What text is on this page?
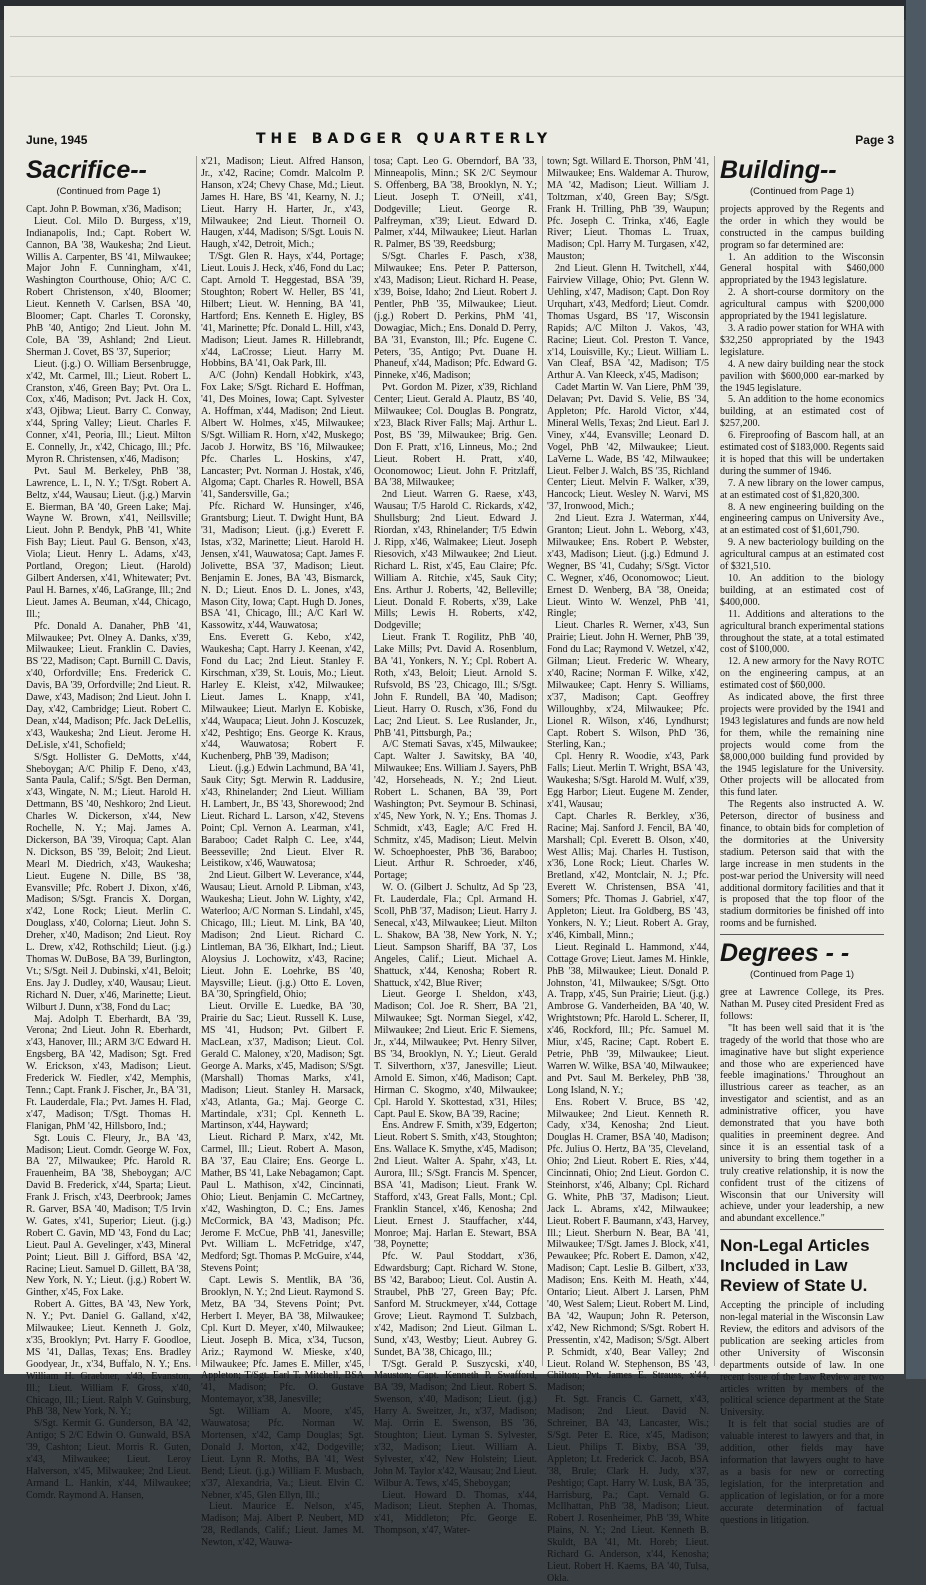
June, 1945	THE BADGER QUARTERLY	Page 3
Sacrifice--
(Continued from Page 1)

Capt. John P. Bowman, x'36, Madison;

Lieut. Col. Milo D. Burgess, x'19, Indianapolis, Ind.; Capt. Robert W. Cannon, BA '38, Waukesha; 2nd Lieut. Willis A. Carpenter, BS '41, Milwaukee; Major John F. Cunningham, x'41, Washington Courthouse, Ohio; A/C C. Robert Christenson, x'40, Bloomer; Lieut. Kenneth V. Carlsen, BSA '40, Bloomer; Capt. Charles T. Coronsky, PhB '40, Antigo; 2nd Lieut. John M. Cole, BA '39, Ashland; 2nd Lieut. Sherman J. Covet, BS '37, Superior;

Lieut. (j.g.) O. William Bersenbrugge, x'42, Mt. Carmel, Ill.; Lieut. Robert L. Cranston, x'46, Green Bay; Pvt. Ora L. Cox, x'46, Madison; Pvt. Jack H. Cox, x'43, Ojibwa; Lieut. Barry C. Conway, x'44, Spring Valley; Lieut. Charles F. Conner, x'41, Peoria, Ill.; Lieut. Milton E. Connelly, Jr., x'42, Chicago, Ill.; Pfc. Myron R. Christensen, x'46, Madison;

Pvt. Saul M. Berkeley, PhB '38, Lawrence, L. I., N. Y.; T/Sgt. Robert A. Beltz, x'44, Wausau; Lieut. (j.g.) Marvin E. Bierman, BA '40, Green Lake; Maj. Wayne W. Brown, x'41, Neillsville; Lieut. John P. Bendyk, PhB '41, White Fish Bay; Lieut. Paul G. Benson, x'43, Viola; Lieut. Henry L. Adams, x'43, Portland, Oregon; Lieut. (Harold) Gilbert Andersen, x'41, Whitewater; Pvt. Paul H. Barnes, x'46, LaGrange, Ill.; 2nd Lieut. James A. Beuman, x'44, Chicago, Ill.;

Pfc. Donald A. Danaher, PhB '41, Milwaukee; Pvt. Olney A. Danks, x'39, Milwaukee; Lieut. Franklin C. Davies, BS '22, Madison; Capt. Burnill C. Davis, x'40, Orfordville; Ens. Frederick C. Davis, BA '39, Orfordville; 2nd Lieut. R. Dawe, x'43, Madison; 2nd Lieut. John I. Day, x'42, Cambridge; Lieut. Robert C. Dean, x'44, Madison; Pfc. Jack DeLellis, x'43, Waukesha; 2nd Lieut. Jerome H. DeLisle, x'41, Schofield;

S/Sgt. Hollister G. DeMotts, x'44, Sheboygan; A/C Philip F. Deno, x'43, Santa Paula, Calif.; S/Sgt. Ben Derman, x'43, Wingate, N. M.; Lieut. Harold H. Dettmann, BS '40, Neshkoro; 2nd Lieut. Charles W. Dickerson, x'44, New Rochelle, N. Y.; Maj. James A. Dickerson, BA '39, Viroqua; Capt. Alan N. Dickson, BS '39, Beloit; 2nd Lieut. Mearl M. Diedrich, x'43, Waukesha; Lieut. Eugene N. Dille, BS '38, Evansville; Pfc. Robert J. Dixon, x'46, Madison; S/Sgt. Francis X. Dorgan, x'42, Lone Rock; Lieut. Merlin C. Douglass, x'40, Colorna; Lieut. John S. Dreher, x'40, Madison; 2nd Lieut. Roy L. Drew, x'42, Rothschild; Lieut. (j.g.) Thomas W. DuBose, BA '39, Burlington, Vt.; S/Sgt. Neil J. Dubinski, x'41, Beloit; Ens. Jay J. Dudley, x'40, Wausau; Lieut. Richard N. Duer, x'46, Marinette; Lieut. Wilburt J. Dunn, x'38, Fond du Lac;

Maj. Adolph T. Eberhardt, BA '39, Verona; 2nd Lieut. John R. Eberhardt, x'43, Hanover, Ill.; ARM 3/C Edward H. Engsberg, BA '42, Madison; Sgt. Fred W. Erickson, x'43, Madison; Lieut. Frederick W. Fiedler, x'42, Memphis, Tenn.; Capt. Frank J. Fischer, Jr., BA '31, Ft. Lauderdale, Fla.; Pvt. James H. Flad, x'47, Madison; T/Sgt. Thomas H. Flanigan, PhM '42, Hillsboro, Ind.;

Sgt. Louis C. Fleury, Jr., BA '43, Madison; Lieut. Comdr. George W. Fox, BA '27, Milwaukee; Pfc. Harold R. Frauenheim, BA '38, Sheboygan; A/C David B. Frederick, x'44, Sparta; Lieut. Frank J. Frisch, x'43, Deerbrook; James R. Garver, BSA '40, Madison; T/5 Irvin W. Gates, x'41, Superior; Lieut. (j.g.) Robert C. Gavin, MD '43, Fond du Lac; Lieut. Paul A. Gevelinger, x'43, Mineral Point; Lieut. Bill J. Gifford, BSA '42, Racine; Lieut. Samuel D. Gillett, BA '38, New York, N. Y.; Lieut. (j.g.) Robert W. Ginther, x'45, Fox Lake.

Robert A. Gittes, BA '43, New York, N. Y.; Pvt. Daniel G. Galland, x'42, Milwaukee; Lieut. Kenneth J. Golz, x'35, Brooklyn; Pvt. Harry F. Goodloe, MS '41, Dallas, Texas; Ens. Bradley Goodyear, Jr., x'34, Buffalo, N. Y.; Ens. William H. Graebner, x'43, Evanston, Ill.; Lieut. William F. Gross, x'40, Chicago, Ill.; Lieut. Ralph V. Guinsburg, PhB '38, New York, N. Y.;

S/Sgt. Kermit G. Gunderson, BA '42, Antigo; S 2/C Edwin O. Gunwald, BSA '39, Cashton; Lieut. Morris R. Guten, x'43, Milwaukee; Lieut. Leroy Halverson, x'45, Milwaukee; 2nd Lieut. Armand L. Hankin, x'44, Milwaukee; Comdr. Raymond A. Hansen,

x'21, Madison; Lieut. Alfred Hanson, Jr., x'42, Racine; Comdr. Malcolm P. Hanson, x'24; Chevy Chase, Md.; Lieut. James H. Hare, BS '41, Kearny, N. J.; Lieut. Harry H. Harter, Jr., x'43, Milwaukee; 2nd Lieut. Thorneil O. Haugen, x'44, Madison; S/Sgt. Louis N. Haugh, x'42, Detroit, Mich.;

T/Sgt. Glen R. Hays, x'44, Portage; Lieut. Louis J. Heck, x'46, Fond du Lac; Capt. Arnold T. Heggestad, BSA '39, Stoughton; Robert W. Heller, BS '41, Hilbert; Lieut. W. Henning, BA '41, Hartford; Ens. Kenneth E. Higley, BS '41, Marinette; Pfc. Donald L. Hill, x'43, Madison; Lieut. James R. Hillebrandt, x'44, LaCrosse; Lieut. Harry M. Hobbins, BA '41, Oak Park, Ill.

A/C (John) Kendall Hobkirk, x'43, Fox Lake; S/Sgt. Richard E. Hoffman, '41, Des Moines, Iowa; Capt. Sylvester A. Hoffman, x'44, Madison; 2nd Lieut. Albert W. Holmes, x'45, Milwaukee; S/Sgt. William R. Horn, x'42, Muskego; Jacob J. Horwitz, BS '16, Milwaukee; Pfc. Charles L. Hoskins, x'47, Lancaster; Pvt. Norman J. Hostak, x'46, Algoma; Capt. Charles R. Howell, BSA '41, Sandersville, Ga.;

Pfc. Richard W. Hunsinger, x'46, Grantsburg; Lieut. T. Dwight Hunt, BA '31, Madison; Lieut. (j.g.) Everett F. Istas, x'32, Marinette; Lieut. Harold H. Jensen, x'41, Wauwatosa; Capt. James F. Jolivette, BSA '37, Madison; Lieut. Benjamin E. Jones, BA '43, Bismarck, N. D.; Lieut. Enos D. L. Jones, x'43, Mason City, Iowa; Capt. Hugh D. Jones, BSA '41, Chicago, Ill.; A/C Karl W. Kassowitz, x'44, Wauwatosa;

Ens. Everett G. Kebo, x'42, Waukesha; Capt. Harry J. Keenan, x'42, Fond du Lac; 2nd Lieut. Stanley F. Kirschman, x'39, St. Louis, Mo.; Lieut. Harley E. Kleist, x'42, Milwaukee; Lieut. James L. Knapp, x'41, Milwaukee; Lieut. Marlyn E. Kobiske, x'44, Waupaca; Lieut. John J. Koscuzek, x'42, Peshtigo; Ens. George K. Kraus, x'44, Wauwatosa; Robert F. Kuchenberg, PhB '39, Madison;

Lieut. (j.g.) Edwin Lachmund, BA '41, Sauk City; Sgt. Merwin R. Laddusire, x'43, Rhinelander; 2nd Lieut. William H. Lambert, Jr., BS '43, Shorewood; 2nd Lieut. Richard L. Larson, x'42, Stevens Point; Cpl. Vernon A. Learman, x'41, Baraboo; Cadet Ralph C. Lee, x'44, Beesseville; 2nd Lieut. Elver R. Leistikow, x'46, Wauwatosa;

2nd Lieut. Gilbert W. Leverance, x'44, Wausau; Lieut. Arnold P. Libman, x'43, Waukesha; Lieut. John W. Lighty, x'42, Waterloo; A/C Norman S. Lindahl, x'45, Chicago, Ill.; Lieut. M. Link, BA '40, Madison; 2nd Lieut. Richard C. Lintleman, BA '36, Elkhart, Ind.; Lieut. Aloysius J. Lochowitz, x'43, Racine; Lieut. John E. Loehrke, BS '40, Maysville; Lieut. (j.g.) Otto E. Loven, BA '30, Springfield, Ohio;

Lieut. Orville E. Luedke, BA '30, Prairie du Sac; Lieut. Russell K. Luse, MS '41, Hudson; Pvt. Gilbert F. MacLean, x'37, Madison; Lieut. Col. Gerald C. Maloney, x'20, Madison; Sgt. George A. Marks, x'45, Madison; S/Sgt. (Marshall) Thomas Marks, x'41, Madison; Lieut. Stanley H. Marsack, x'43, Atlanta, Ga.; Maj. George C. Martindale, x'31; Cpl. Kenneth L. Martinson, x'44, Hayward;

Lieut. Richard P. Marx, x'42, Mt. Carmel, Ill.; Lieut. Robert A. Mason, BA '37, Eau Claire; Ens. George L. Mather, BS '41, Lake Nebagamon; Capt. Paul L. Mathison, x'42, Cincinnati, Ohio; Lieut. Benjamin C. McCartney, x'42, Washington, D. C.; Ens. James McCormick, BA '43, Madison; Pfc. Jerome F. McCue, PhB '41, Janesville; Pvt. William L. McFetridge, x'47, Medford; Sgt. Thomas P. McGuire, x'44, Stevens Point;

Capt. Lewis S. Mentlik, BA '36, Brooklyn, N. Y.; 2nd Lieut. Raymond S. Metz, BA '34, Stevens Point; Pvt. Herbert I. Meyer, BA '38, Milwaukee; Cpl. Kurt D. Meyer, x'40, Milwaukee; Lieut. Joseph B. Mica, x'34, Tucson, Ariz.; Raymond W. Mieske, x'40, Milwaukee; Pfc. James E. Miller, x'45, Appleton; T/Sgt. Earl T. Mitchell, BSA '41, Madison; Pfc. O. Gustave Montemayor, x'38, Janesville;

Sgt. William A. Moore, x'45, Wauwatosa; Pfc. Norman W. Mortensen, x'42, Camp Douglas; Sgt. Donald J. Morton, x'42, Dodgeville; Lieut. Lynn R. Moths, BA '41, West Bend; Lieut. (j.g.) William F. Musbach, x'37, Alexandria, Va.; Lieut. Elvin C. Nebner, x'45, Glen Ellyn, Ill.;

Lieut. Maurice E. Nelson, x'45, Madison; Maj. Albert P. Neubert, MD '28, Redlands, Calif.; Lieut. James M. Newton, x'42, Wauwa-

tosa; Capt. Leo G. Oberndorf, BA '33, Minneapolis, Minn.; SK 2/C Seymour S. Offenberg, BA '38, Brooklyn, N. Y.; Lieut. Joseph T. O'Neill, x'41, Dodgeville; Lieut. George R. Palfreyman, x'39; Lieut. Edward D. Palmer, x'44, Milwaukee; Lieut. Harlan R. Palmer, BS '39, Reedsburg;

S/Sgt. Charles F. Pasch, x'38, Milwaukee; Ens. Peter P. Patterson, x'43, Madison; Lieut. Richard H. Pease, x'39, Boise, Idaho; 2nd Lieut. Robert J. Pentler, PhB '35, Milwaukee; Lieut. (j.g.) Robert D. Perkins, PhM '41, Dowagiac, Mich.; Ens. Donald D. Perry, BA '31, Evanston, Ill.; Pfc. Eugene C. Peters, '35, Antigo; Pvt. Duane H. Phaneuf, x'44, Madison; Pfc. Edward G. Pinneke, x'46, Madison;

Pvt. Gordon M. Pizer, x'39, Richland Center; Lieut. Gerald A. Plautz, BS '40, Milwaukee; Col. Douglas B. Pongratz, x'23, Black River Falls; Maj. Arthur L. Post, BS '39, Milwaukee; Brig. Gen. Don F. Pratt, x'16, Linneus, Mo.; 2nd Lieut. Robert H. Pratt, x'40, Oconomowoc; Lieut. John F. Pritzlaff, BA '38, Milwaukee;

2nd Lieut. Warren G. Raese, x'43, Wausau; T/5 Harold C. Rickards, x'42, Shullsburg; 2nd Lieut. Edward J. Riordan, x'43, Rhinelander; T/5 Edwin J. Ripp, x'46, Walmakee; Lieut. Joseph Riesovich, x'43 Milwaukee; 2nd Lieut. Richard L. Rist, x'45, Eau Claire; Pfc. William A. Ritchie, x'45, Sauk City; Ens. Arthur J. Roberts, '42, Belleville; Lieut. Donald F. Roberts, x'39, Lake Mills; Lewis H. Roberts, x'42, Dodgeville;

Lieut. Frank T. Rogilitz, PhB '40, Lake Mills; Pvt. David A. Rosenblum, BA '41, Yonkers, N. Y.; Cpl. Robert A. Roth, x'43, Beloit; Lieut. Arnold S. Rufsvold, BS '23, Chicago, Ill.; S/Sgt. John F. Rundell, BA '40, Madison; Lieut. Harry O. Rusch, x'36, Fond du Lac; 2nd Lieut. S. Lee Ruslander, Jr., PhB '41, Pittsburgh, Pa.;

A/C Stemati Savas, x'45, Milwaukee; Capt. Walter J. Sawitsky, BA '40, Milwaukee; Ens. William J. Sayers, PhB '42, Horseheads, N. Y.; 2nd Lieut. Robert L. Schanen, BA '39, Port Washington; Pvt. Seymour B. Schinasi, x'45, New York, N. Y.; Ens. Thomas J. Schmidt, x'43, Eagle; A/C Fred H. Schmitz, x'45, Madison; Lieut. Melvin W. Schoephoester, PhB '36, Baraboo; Lieut. Arthur R. Schroeder, x'46, Portage;

W. O. (Gilbert J. Schultz, Ad Sp '23, Ft. Lauderdale, Fla.; Cpl. Armand H. Scoll, PhB '37, Madison; Lieut. Harry J. Senecal, x'43, Milwaukee; Lieut. Milton L. Shakow, BA '38, New York, N. Y.; Lieut. Sampson Shariff, BA '37, Los Angeles, Calif.; Lieut. Michael A. Shattuck, x'44, Kenosha; Robert R. Shattuck, x'42, Blue River;

Lieut. George I. Sheldon, x'43, Madison; Col. Joe R. Sherr, BA '21, Milwaukee; Sgt. Norman Siegel, x'42, Milwaukee; 2nd Lieut. Eric F. Siemens, Jr., x'44, Milwaukee; Pvt. Henry Silver, BS '34, Brooklyn, N. Y.; Lieut. Gerald T. Silverthorn, x'37, Janesville; Lieut. Arnold E. Simon, x'46, Madison; Capt. Hirman C. Skogmo, x'40, Milwaukee; Cpl. Harold Y. Skottestad, x'31, Hiles; Capt. Paul E. Skow, BA '39, Racine;

Ens. Andrew F. Smith, x'39, Edgerton; Lieut. Robert S. Smith, x'43, Stoughton; Ens. Wallace K. Smythe, x'45, Madison; 2nd Lieut. Walter A. Spahr, x'43, Lt. Aurora, Ill.; S/Sgt. Francis M. Spencer, BSA '41, Madison; Lieut. Frank W. Stafford, x'43, Great Falls, Mont.; Cpl. Franklin Stancel, x'46, Kenosha; 2nd Lieut. Ernest J. Stauffacher, x'44, Monroe; Maj. Harlan E. Stewart, BSA '38, Poynette;

Pfc. W. Paul Stoddart, x'36, Edwardsburg; Capt. Richard W. Stone, BS '42, Baraboo; Lieut. Col. Austin A. Straubel, PhB '27, Green Bay; Pfc. Sanford M. Struckmeyer, x'44, Cottage Grove; Lieut. Raymond T. Sulzbach, x'42, Madison; 2nd Lieut. Gilman L. Sund, x'43, Westby; Lieut. Aubrey G. Sundet, BA '38, Chicago, Ill.;

T/Sgt. Gerald P. Suszycski, x'40, Mauston; Capt. Kenneth P. Swafford, BA '39, Madison; 2nd Lieut. Robert S. Swenson, x'40, Madison; Lieut. (j.g.) Harry A. Sweitzer, Jr., x'37, Madison; Maj. Orrin E. Swenson, BS '36, Stoughton; Lieut. Lyman S. Sylvester, x'32, Madison; Lieut. William A. Sylvester, x'42, New Holstein; Lieut. John M. Taylor x'42, Wausau; 2nd Lieut. Wilbur A. Tews, x'45, Sheboygan;

Lieut. Howard D. Thomas, x'44, Madison; Lieut. Stephen A. Thomas, x'41, Middleton; Pfc. George E. Thompson, x'47, Water-

town; Sgt. Willard E. Thorson, PhM '41, Milwaukee; Ens. Waldemar A. Thurow, MA '42, Madison; Lieut. William J. Toltzman, x'40, Green Bay; S/Sgt. Frank H. Trilling, PhB '39, Waupun; Pfc. Joseph C. Trinka, x'46, Eagle River; Lieut. Thomas L. Truax, Madison; Cpl. Harry M. Turgasen, x'42, Mauston;

2nd Lieut. Glenn H. Twitchell, x'44, Fairview Village, Ohio; Pvt. Glenn W. Uehling, x'47, Madison; Capt. Don Roy Urquhart, x'43, Medford; Lieut. Comdr. Thomas Usgard, BS '17, Wisconsin Rapids; A/C Milton J. Vakos, '43, Racine; Lieut. Col. Preston T. Vance, x'14, Louisville, Ky.; Lieut. William L. Van Cleaf, BSA '42, Madison; T/5 Arthur A. Van Kleeck, x'45, Madison;

Cadet Martin W. Van Liere, PhM '39, Delavan; Pvt. David S. Velie, BS '34, Appleton; Pfc. Harold Victor, x'44, Mineral Wells, Texas; 2nd Lieut. Earl J. Viney, x'44, Evansville; Leonard D. Vogel, PhB '42, Milwaukee; Lieut. LaVerne L. Wade, BS '42, Milwaukee; Lieut. Felber J. Walch, BS '35, Richland Center; Lieut. Melvin F. Walker, x'39, Hancock; Lieut. Wesley N. Warvi, MS '37, Ironwood, Mich.;

2nd Lieut. Ezra J. Waterman, x'44, Granton; Lieut. John L. Weborg, x'43, Milwaukee; Ens. Robert P. Webster, x'43, Madison; Lieut. (j.g.) Edmund J. Wegner, BS '41, Cudahy; S/Sgt. Victor C. Wegner, x'46, Oconomowoc; Lieut. Ernest D. Wenberg, BA '38, Oneida; Lieut. Winto W. Wenzel, PhB '41, Ringle;

Lieut. Charles R. Werner, x'43, Sun Prairie; Lieut. John H. Werner, PhB '39, Fond du Lac; Raymond V. Wetzel, x'42, Gilman; Lieut. Frederic W. Wheary, x'40, Racine; Norman F. Wilke, x'42, Milwaukee; Capt. Henry S. Williams, x'37, Madison; Capt. Geoffrey Willoughby, x'24, Milwaukee; Pfc. Lionel R. Wilson, x'46, Lyndhurst; Capt. Robert S. Wilson, PhD '36, Sterling, Kan.;

Cpl. Henry R. Woodie, x'43, Park Falls; Lieut. Merlin T. Wright, BSA '43, Waukesha; S/Sgt. Harold M. Wulf, x'39, Egg Harbor; Lieut. Eugene M. Zender, x'41, Wausau;

Capt. Charles R. Berkley, x'36, Racine; Maj. Sanford J. Fencil, BA '40, Marshall; Cpl. Everett B. Olson, x'40, West Allis; Maj. Charles H. Tustison, x'36, Lone Rock; Lieut. Charles W. Bretland, x'42, Montclair, N. J.; Pfc. Everett W. Christensen, BSA '41, Somers; Pfc. Thomas J. Gabriel, x'47, Appleton; Lieut. Ira Goldberg, BS '43, Yonkers, N. Y.; Lieut. Robert A. Gray, x'46, Kimball, Minn.;

Lieut. Reginald L. Hammond, x'44, Cottage Grove; Lieut. James M. Hinkle, PhB '38, Milwaukee; Lieut. Donald P. Johnston, '41, Milwaukee; S/Sgt. Otto A. Trapp, x'45, Sun Prairie; Lieut. (j.g.) Ambrose G. Vanderheiden, BA '40, W. Wrightstown; Pfc. Harold L. Scherer, II, x'46, Rockford, Ill.; Pfc. Samuel M. Miur, x'45, Racine; Capt. Robert E. Petrie, PhB '39, Milwaukee; Lieut. Warren W. Wilke, BSA '40, Milwaukee; and Pvt. Saul M. Berkeley, PhB '38, Long Island, N. Y.;

Ens. Robert V. Bruce, BS '42, Milwaukee; 2nd Lieut. Kenneth R. Cady, x'34, Kenosha; 2nd Lieut. Douglas H. Cramer, BSA '40, Madison; Pfc. Julius O. Hertz, BA '35, Cleveland, Ohio; 2nd Lieut. Robert E. Ries, x'44, Cincinnati, Ohio; 2nd Lieut. Gordon C. Steinhorst, x'46, Albany; Cpl. Richard G. White, PhB '37, Madison; Lieut. Jack L. Abrams, x'42, Milwaukee; Lieut. Robert F. Baumann, x'43, Harvey, Ill.; Lieut. Sherburn N. Bear, BA '41, Milwaukee; T/Sgt. James J. Block, x'41, Pewaukee; Pfc. Robert E. Damon, x'42, Madison; Capt. Leslie B. Gilbert, x'33, Madison; Ens. Keith M. Heath, x'44, Ontario; Lieut. Albert J. Larsen, PhM '40, West Salem; Lieut. Robert M. Lind, BA '42, Waupun; John R. Peterson, x'42, New Richmond; S/Sgt. Robert H. Pressentin, x'42, Madison; S/Sgt. Albert P. Schmidt, x'40, Bear Valley; 2nd Lieut. Roland W. Stephenson, BS '43, Chilton; Pvt. James E. Strauss, x'44, Madison;

Ft. Sgt. Francis C. Garnett, x'43, Madison; 2nd Lieut. David N. Schreiner, BA '43, Lancaster, Wis.; S/Sgt. Peter E. Rice, x'45, Madison; Lieut. Philips T. Bixby, BSA '39, Appleton; Lt. Frederick C. Jacob, BSA '38, Brule; Clark H. Judy, x'37, Peshtigo; Capt. Harry W. Lusk, BA '35, Harrisburg, Pa.; Capt. Vernald G. McIlhattan, PhB '38, Madison; Lieut. Robert J. Rosenheimer, PhB '39, White Plains, N. Y.; 2nd Lieut. Kenneth B. Skuldt, BA '41, Mt. Horeb; Lieut. Richard G. Anderson, x'44, Kenosha; Lieut. Robert H. Kaems, BA '40, Tulsa, Okla.

Building--
(Continued from Page 1)

projects approved by the Regents and the order in which they would be constructed in the campus building program so far determined are:

1. An addition to the Wisconsin General hospital with $460,000 appropriated by the 1943 legislature.

2. A short-course dormitory on the agricultural campus with $200,000 appropriated by the 1941 legislature.

3. A radio power station for WHA with $32,250 appropriated by the 1943 legislature.

4. A new dairy building near the stock pavilion with $600,000 ear-marked by the 1945 legislature.

5. An addition to the home economics building, at an estimated cost of $257,200.

6. Fireproofing of Bascom hall, at an estimated cost of $183,000. Regents said it is hoped that this will be undertaken during the summer of 1946.

7. A new library on the lower campus, at an estimated cost of $1,820,300.

8. A new engineering building on the engineering campus on University Ave., at an estimated cost of $1,601,790.

9. A new bacteriology building on the agricultural campus at an estimated cost of $321,510.

10. An addition to the biology building, at an estimated cost of $400,000.

11. Additions and alterations to the agricultural branch experimental stations throughout the state, at a total estimated cost of $100,000.

12. A new armory for the Navy ROTC on the engineering campus, at an estimated cost of $60,000.

As indicated above, the first three projects were provided by the 1941 and 1943 legislatures and funds are now held for them, while the remaining nine projects would come from the $8,000,000 building fund provided by the 1945 legislature for the University. Other projects will be allocated from this fund later.

The Regents also instructed A. W. Peterson, director of business and finance, to obtain bids for completion of the dormitories at the University stadium. Peterson said that with the large increase in men students in the post-war period the University will need additional dormitory facilities and that it is proposed that the top floor of the stadium dormitories be finished off into rooms and be furnished.

Degrees - -
(Continued from Page 1)

gree at Lawrence College, its Pres. Nathan M. Pusey cited President Fred as follows:

"It has been well said that it is 'the tragedy of the world that those who are imaginative have but slight experience and those who are experienced have feeble imaginations.' Throughout an illustrious career as teacher, as an investigator and scientist, and as an administrative officer, you have demonstrated that you have both qualities in preeminent degree. And since it is an essential task of a university to bring them together in a truly creative relationship, it is now the confident trust of the citizens of Wisconsin that our University will achieve, under your leadership, a new and abundant excellence."

Non-Legal Articles Included in Law Review of State U.

Accepting the principle of including non-legal material in the Wisconsin Law Review, the editors and advisors of the publication are seeking articles from other University of Wisconsin departments outside of law. In one recent issue of the Law Review are two articles written by members of the political science department at the State University.

It is felt that social studies are of valuable interest to lawyers and that, in addition, other fields may have information that lawyers ought to have as a basis for new or correcting legislation, for the interpretation and application of legislation, or for a more accurate determination of factual questions in litigation.
